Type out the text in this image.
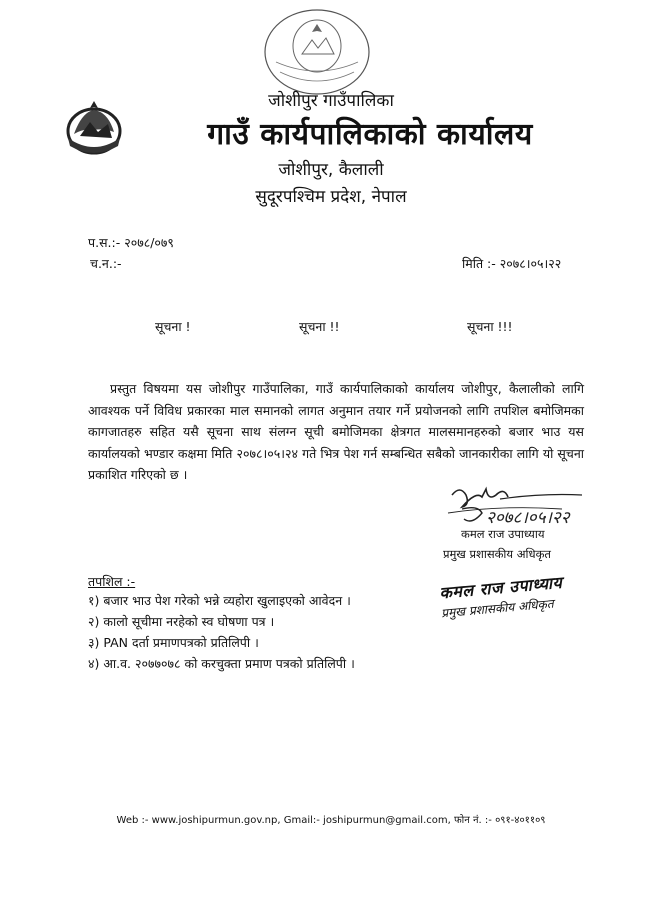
जोशीपुर गाउँपालिका
गाउँ कार्यपालिकाको कार्यालय
जोशीपुर, कैलाली
सुदूरपश्चिम प्रदेश, नेपाल
प.स.:- २०७८/०७९
च.न.:-	मिति :- २०७८।०५।२२
सूचना !	सूचना !!	सूचना !!!

प्रस्तुत विषयमा यस जोशीपुर गाउँपालिका, गाउँ कार्यपालिकाको कार्यालय जोशीपुर, कैलालीको लागि आवश्यक पर्ने विविध प्रकारका माल समानको लागत अनुमान तयार गर्ने प्रयोजनको लागि तपशिल बमोजिमका कागजातहरु सहित यसै सूचना साथ संलग्न सूची बमोजिमका क्षेत्रगत मालसमानहरुको बजार भाउ यस कार्यालयको भण्डार कक्षमा मिति २०७८।०५।२४ गते भित्र पेश गर्न सम्बन्धित सबैको जानकारीका लागि यो सूचना प्रकाशित गरिएको छ ।

२०७८।०५।२२
कमल राज उपाध्याय
प्रमुख प्रशासकीय अधिकृत
कमल राज उपाध्याय
प्रमुख प्रशासकीय अधिकृत
तपशिल :-
१) बजार भाउ पेश गरेको भन्ने व्यहोरा खुलाइएको आवेदन ।
२) कालो सूचीमा नरहेको स्व घोषणा पत्र ।
३) PAN दर्ता प्रमाणपत्रको प्रतिलिपी ।
४) आ.व. २०७७०७८ को करचुक्ता प्रमाण पत्रको प्रतिलिपी ।
Web :- www.joshipurmun.gov.np, Gmail:- joshipurmun@gmail.com, फोन नं. :- ०९१-४०११०९
